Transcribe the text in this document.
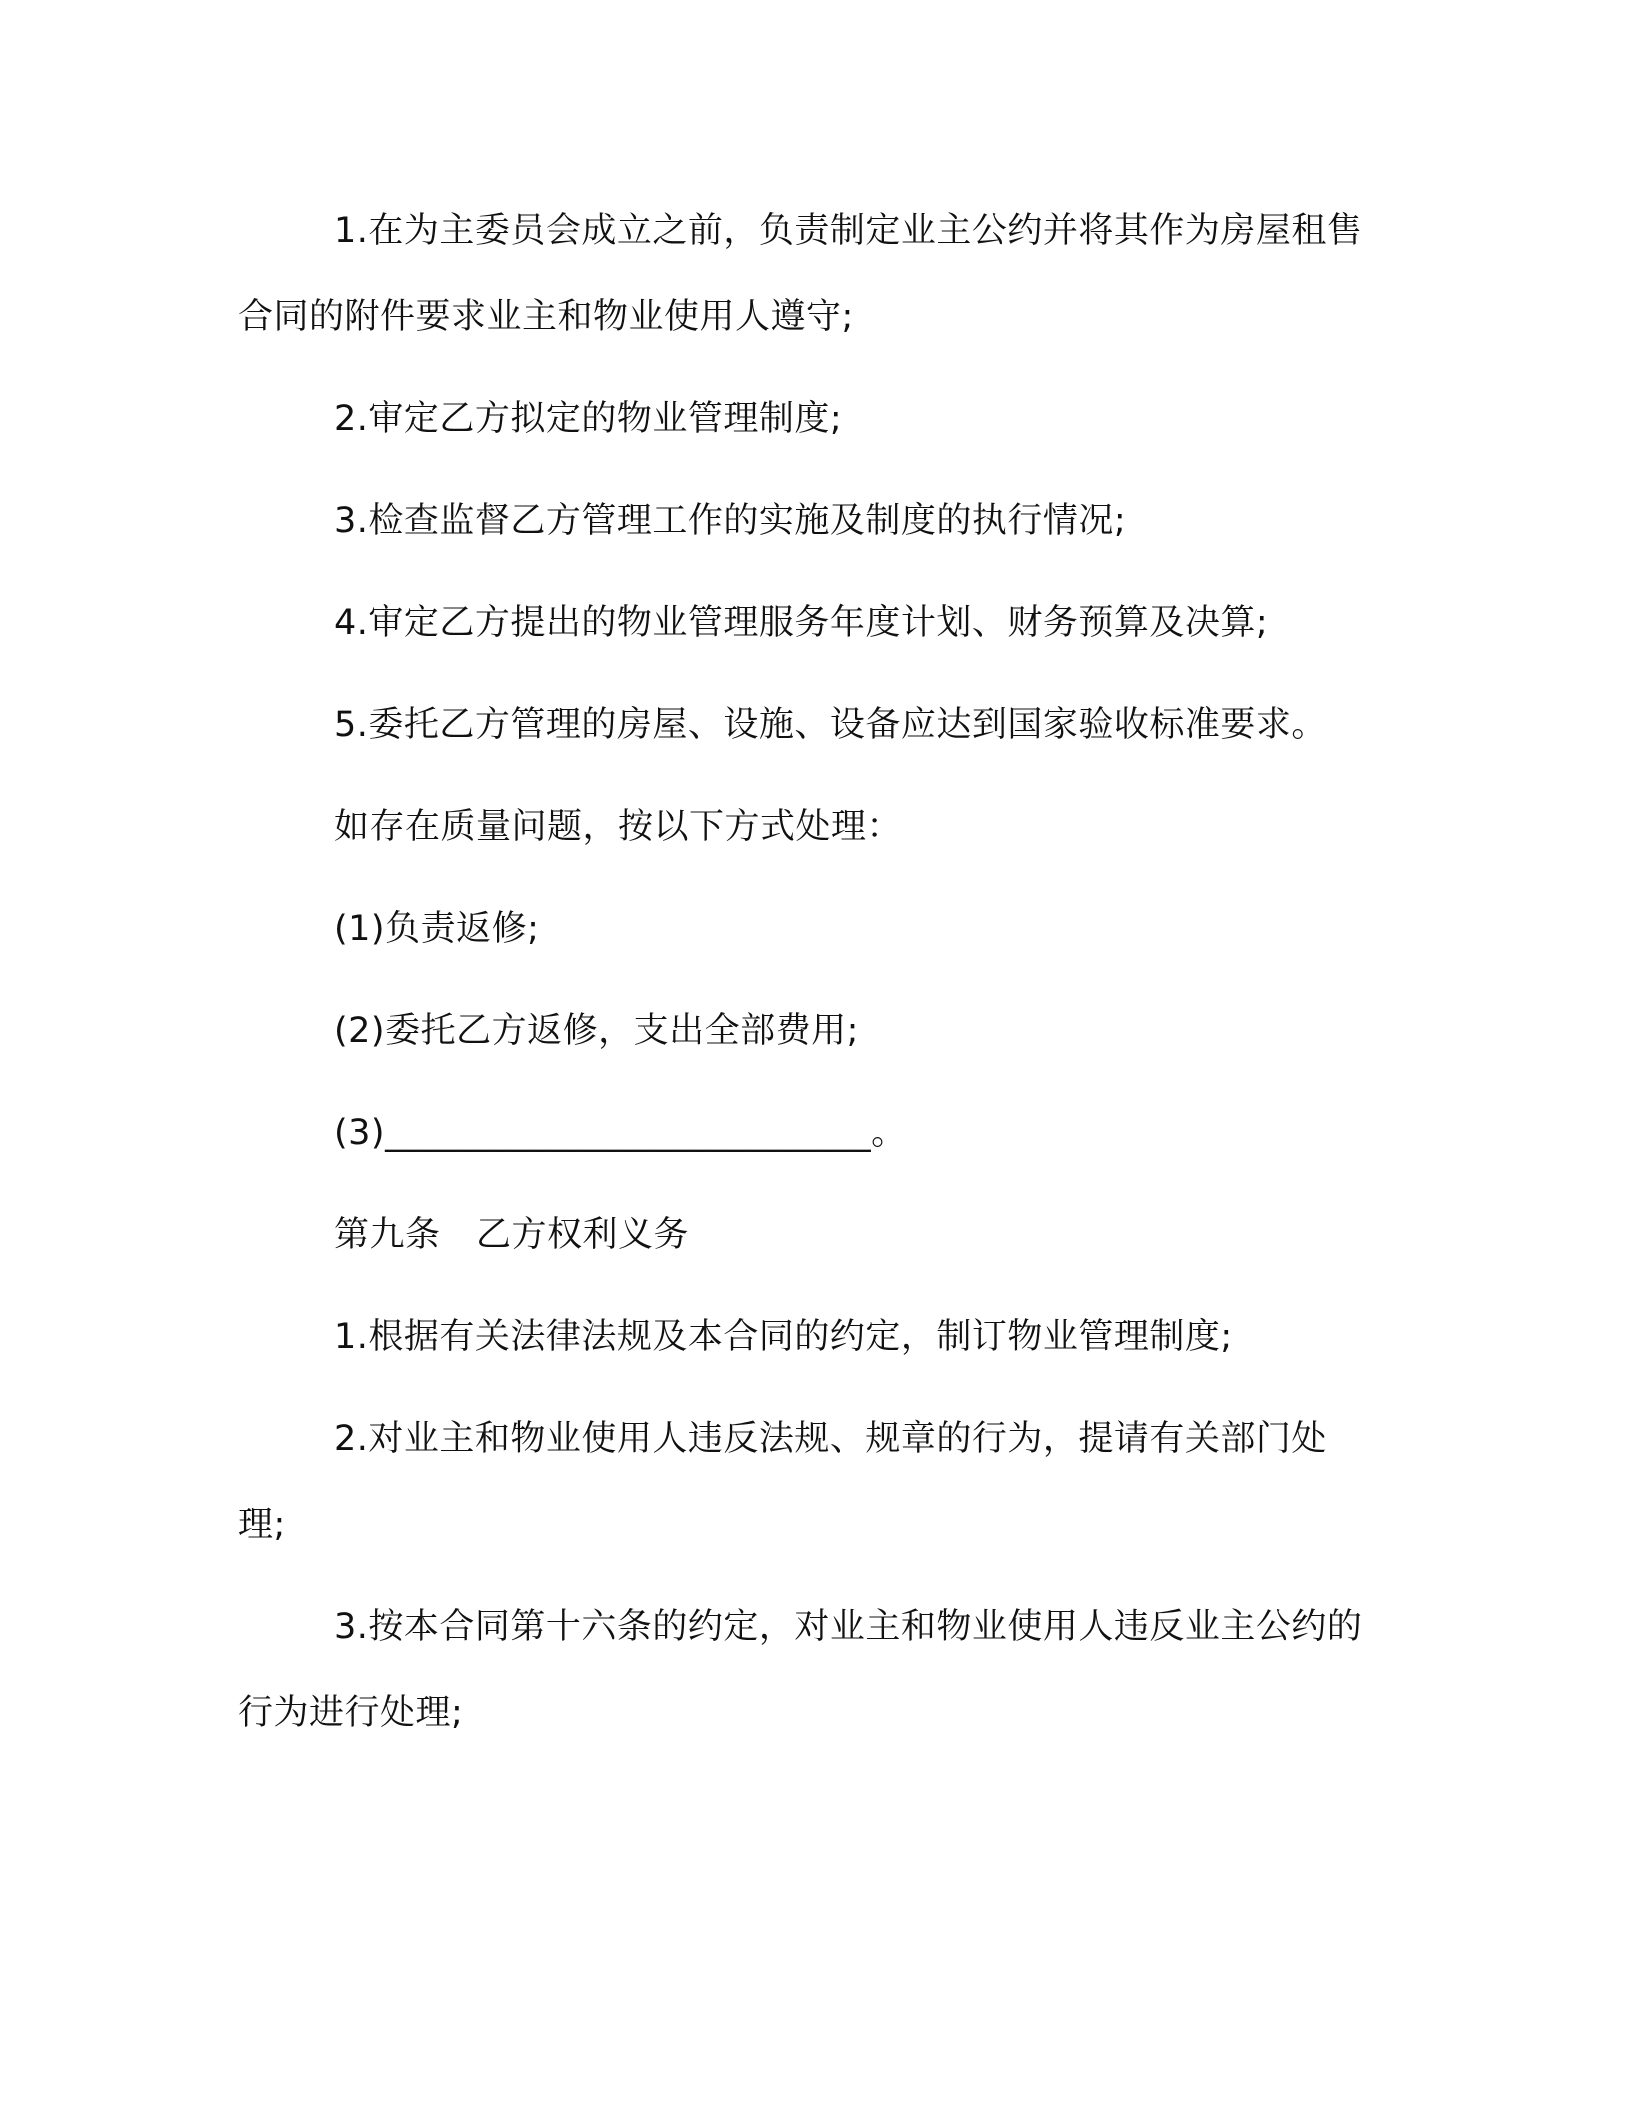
1.在为主委员会成立之前，负责制定业主公约并将其作为房屋租售合同的附件要求业主和物业使用人遵守;

2.审定乙方拟定的物业管理制度;

3.检查监督乙方管理工作的实施及制度的执行情况;

4.审定乙方提出的物业管理服务年度计划、财务预算及决算;

5.委托乙方管理的房屋、设施、设备应达到国家验收标准要求。

如存在质量问题，按以下方式处理：

(1)负责返修;

(2)委托乙方返修，支出全部费用;

(3)___________________________。

第九条　乙方权利义务

1.根据有关法律法规及本合同的约定，制订物业管理制度;

2.对业主和物业使用人违反法规、规章的行为，提请有关部门处理;

3.按本合同第十六条的约定，对业主和物业使用人违反业主公约的行为进行处理;
